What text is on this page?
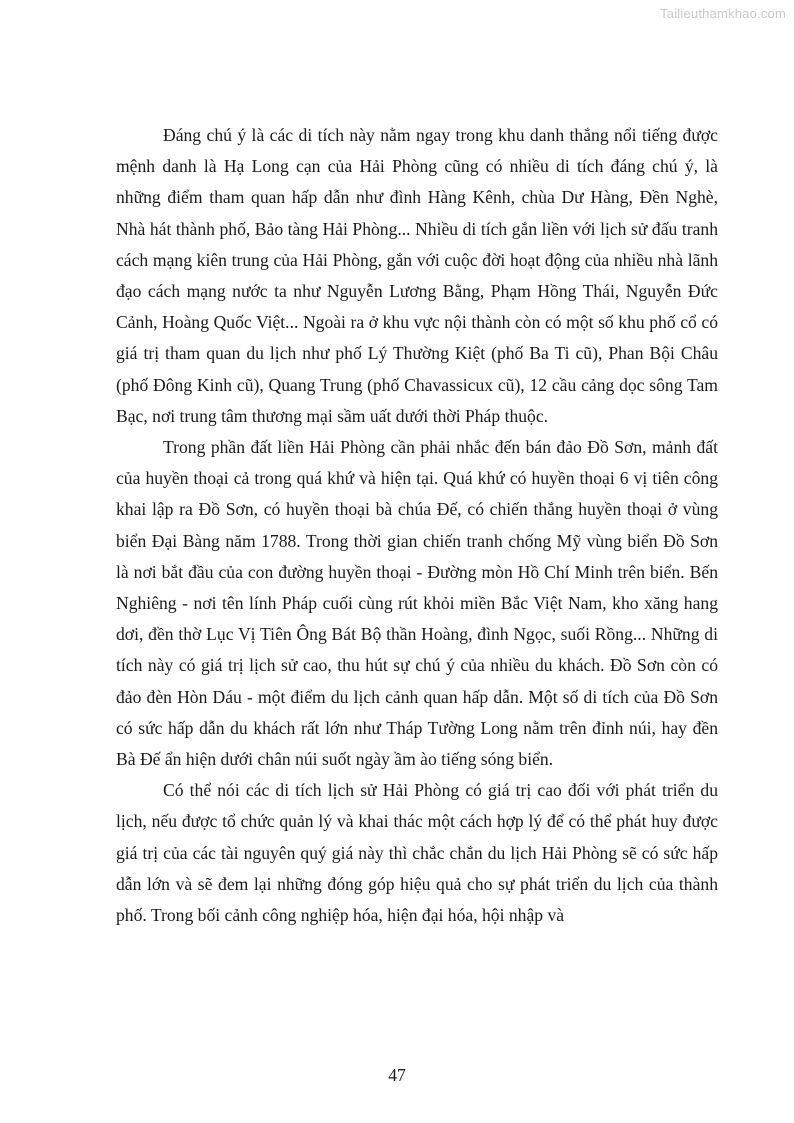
Tailieuthamkhao.com

Đáng chú ý là các di tích này nằm ngay trong khu danh thắng nổi tiếng được mệnh danh là Hạ Long cạn của Hải Phòng cũng có nhiều di tích đáng chú ý, là những điểm tham quan hấp dẫn như đình Hàng Kênh, chùa Dư Hàng, Đền Nghè, Nhà hát thành phố, Bảo tàng Hải Phòng... Nhiều di tích gắn liền với lịch sử đấu tranh cách mạng kiên trung của Hải Phòng, gắn với cuộc đời hoạt động của nhiều nhà lãnh đạo cách mạng nước ta như Nguyễn Lương Bằng, Phạm Hồng Thái, Nguyễn Đức Cảnh, Hoàng Quốc Việt... Ngoài ra ở khu vực nội thành còn có một số khu phố cổ có giá trị tham quan du lịch như phố Lý Thường Kiệt (phố Ba Ti cũ), Phan Bội Châu (phố Đông Kinh cũ), Quang Trung (phố Chavassicux cũ), 12 cầu cảng dọc sông Tam Bạc, nơi trung tâm thương mại sầm uất dưới thời Pháp thuộc.

Trong phần đất liền Hải Phòng cần phải nhắc đến bán đảo Đồ Sơn, mảnh đất của huyền thoại cả trong quá khứ và hiện tại. Quá khứ có huyền thoại 6 vị tiên công khai lập ra Đồ Sơn, có huyền thoại bà chúa Đế, có chiến thắng huyền thoại ở vùng biển Đại Bàng năm 1788. Trong thời gian chiến tranh chống Mỹ vùng biển Đồ Sơn là nơi bắt đầu của con đường huyền thoại - Đường mòn Hồ Chí Minh trên biển. Bến Nghiêng - nơi tên lính Pháp cuối cùng rút khỏi miền Bắc Việt Nam, kho xăng hang dơi, đền thờ Lục Vị Tiên Ông Bát Bộ thần Hoàng, đình Ngọc, suối Rồng... Những di tích này có giá trị lịch sử cao, thu hút sự chú ý của nhiều du khách. Đồ Sơn còn có đảo đèn Hòn Dáu - một điểm du lịch cảnh quan hấp dẫn. Một số di tích của Đồ Sơn có sức hấp dẫn du khách rất lớn như Tháp Tường Long nằm trên đỉnh núi, hay đền Bà Đế ẩn hiện dưới chân núi suốt ngày ầm ào tiếng sóng biển.

Có thể nói các di tích lịch sử Hải Phòng có giá trị cao đối với phát triển du lịch, nếu được tổ chức quản lý và khai thác một cách hợp lý để có thể phát huy được giá trị của các tài nguyên quý giá này thì chắc chắn du lịch Hải Phòng sẽ có sức hấp dẫn lớn và sẽ đem lại những đóng góp hiệu quả cho sự phát triển du lịch của thành phố. Trong bối cảnh công nghiệp hóa, hiện đại hóa, hội nhập và

47
